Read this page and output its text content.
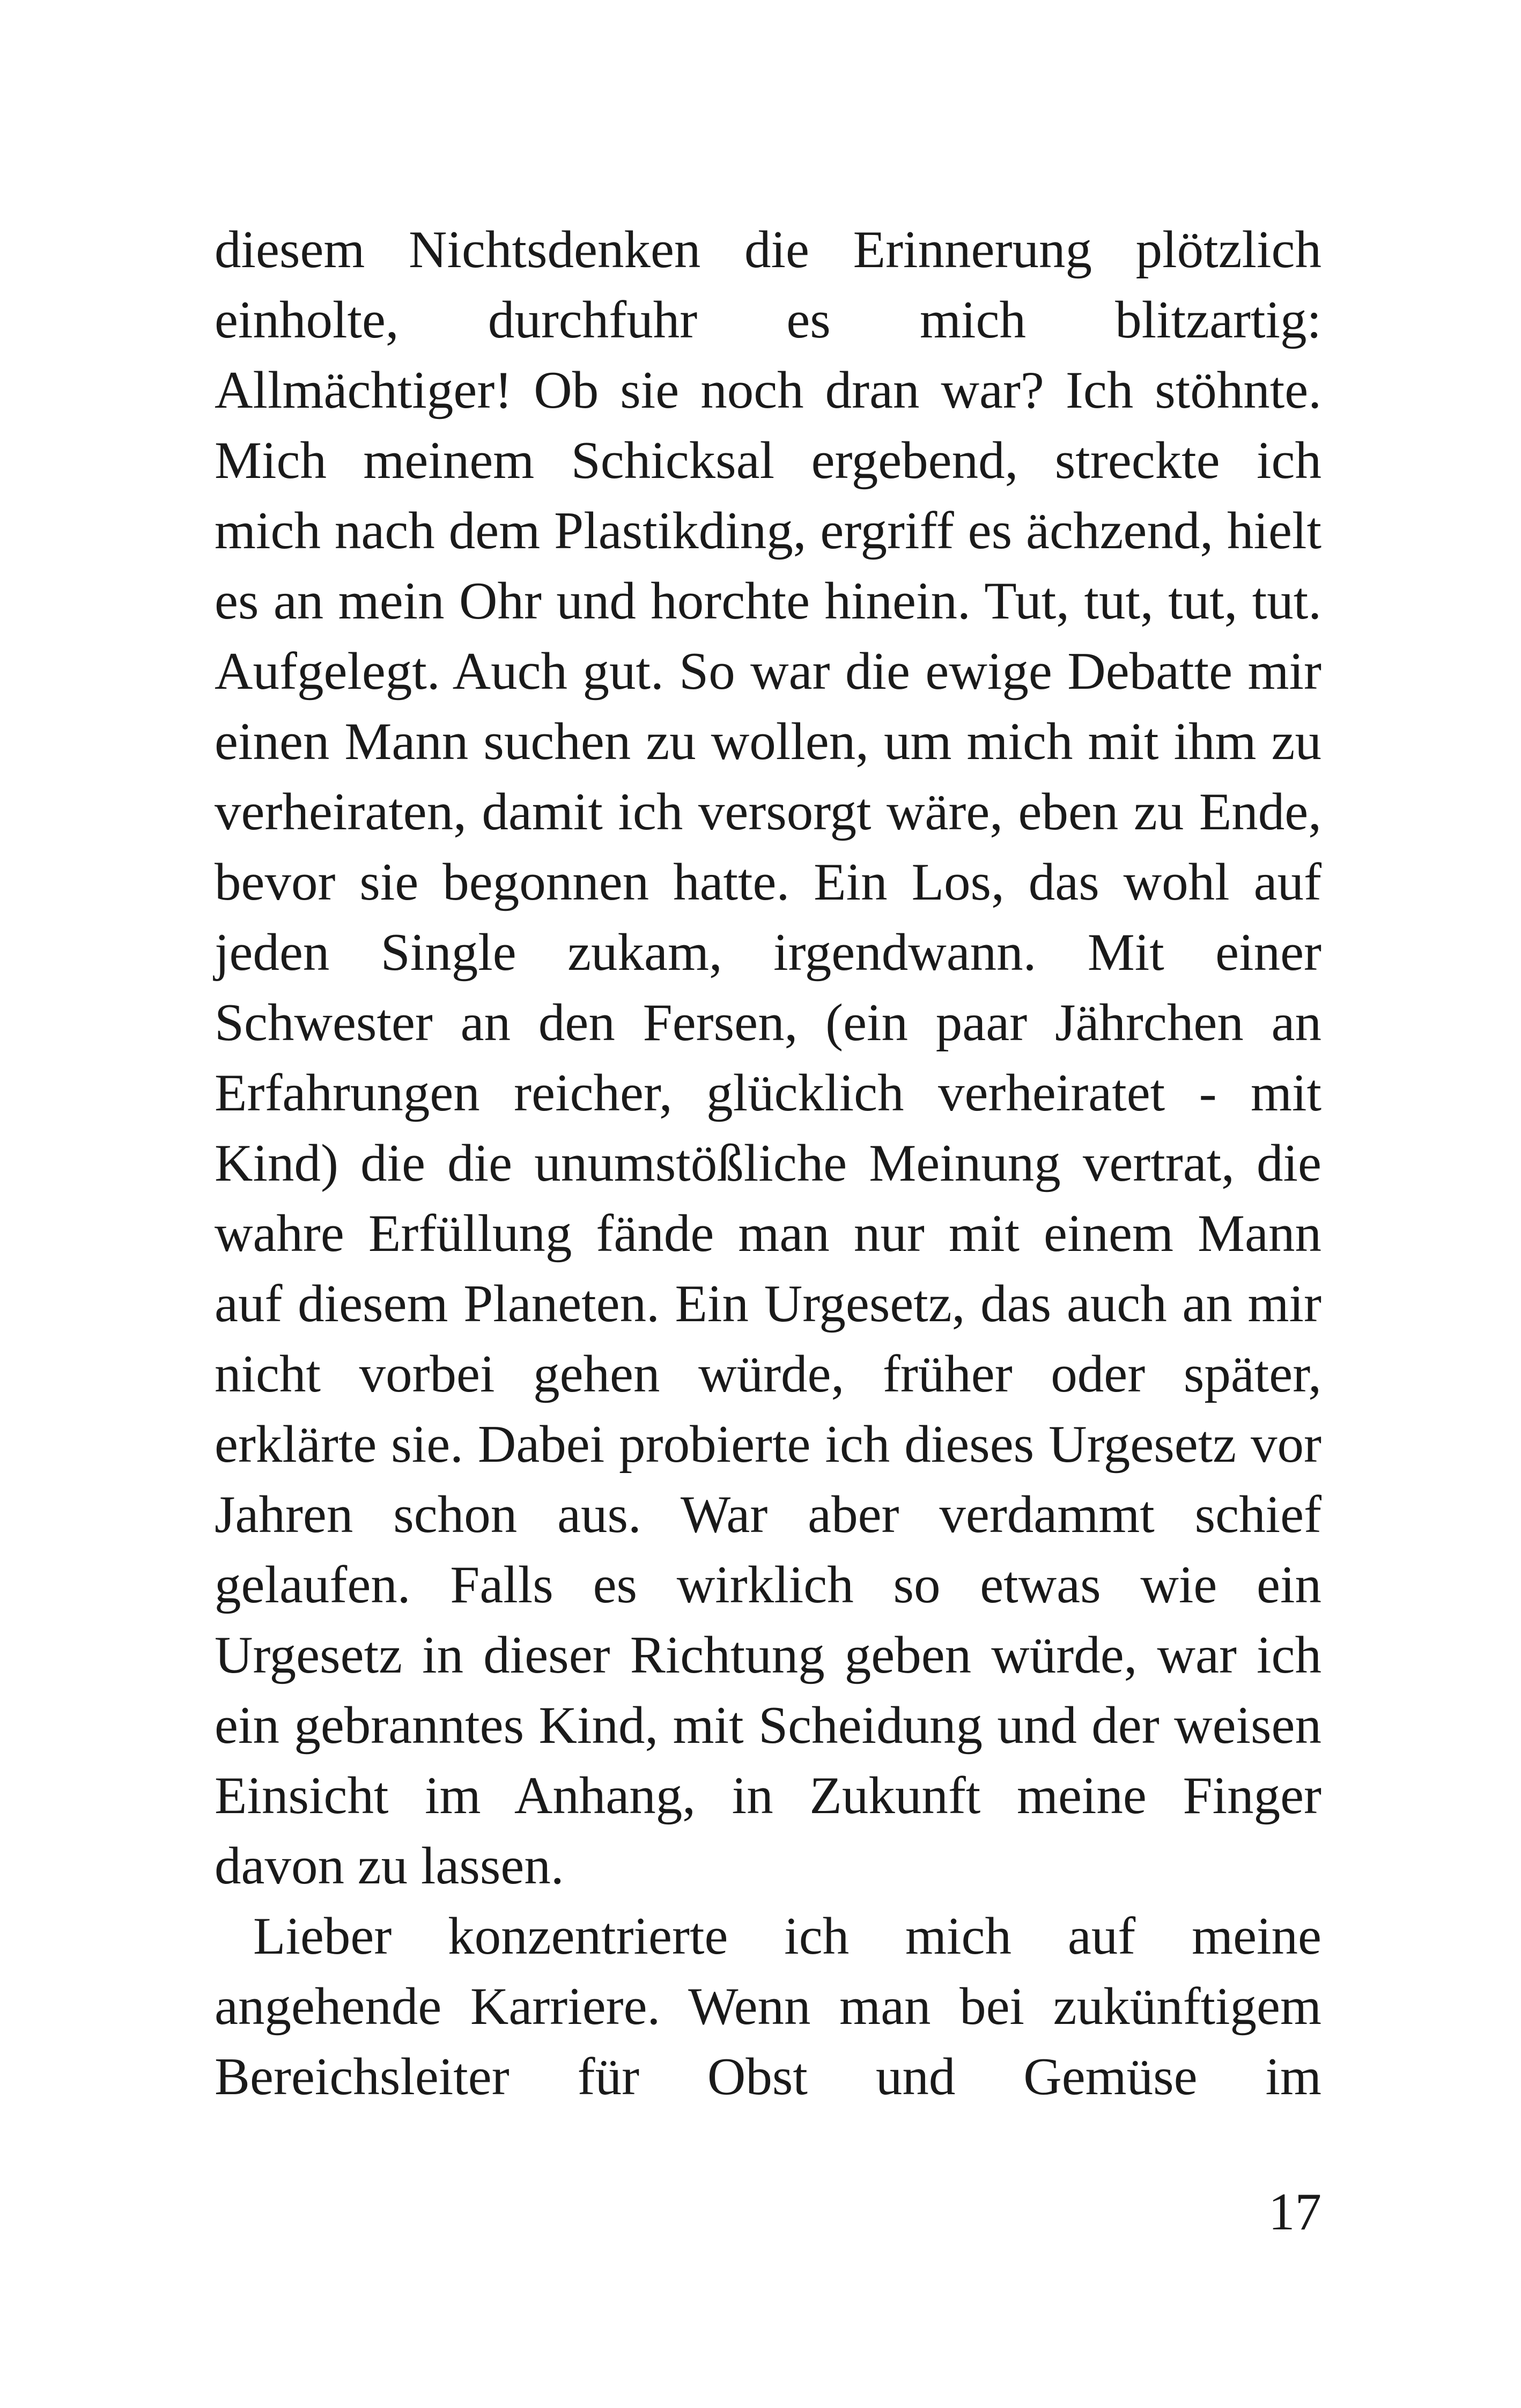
diesem Nichtsdenken die Erinnerung plötzlich
einholte, durchfuhr es mich blitzartig:
Allmächtiger! Ob sie noch dran war? Ich stöhnte.
Mich meinem Schicksal ergebend, streckte ich
mich nach dem Plastikding, ergriff es ächzend, hielt
es an mein Ohr und horchte hinein. Tut, tut, tut, tut.
Aufgelegt. Auch gut. So war die ewige Debatte mir
einen Mann suchen zu wollen, um mich mit ihm zu
verheiraten, damit ich versorgt wäre, eben zu Ende,
bevor sie begonnen hatte. Ein Los, das wohl auf
jeden Single zukam, irgendwann. Mit einer
Schwester an den Fersen, (ein paar Jährchen an
Erfahrungen reicher, glücklich verheiratet - mit
Kind) die die unumstößliche Meinung vertrat, die
wahre Erfüllung fände man nur mit einem Mann
auf diesem Planeten. Ein Urgesetz, das auch an mir
nicht vorbei gehen würde, früher oder später,
erklärte sie. Dabei probierte ich dieses Urgesetz vor
Jahren schon aus. War aber verdammt schief
gelaufen. Falls es wirklich so etwas wie ein
Urgesetz in dieser Richtung geben würde, war ich
ein gebranntes Kind, mit Scheidung und der weisen
Einsicht im Anhang, in Zukunft meine Finger
davon zu lassen.
Lieber konzentrierte ich mich auf meine
angehende Karriere. Wenn man bei zukünftigem
Bereichsleiter für Obst und Gemüse im
17
